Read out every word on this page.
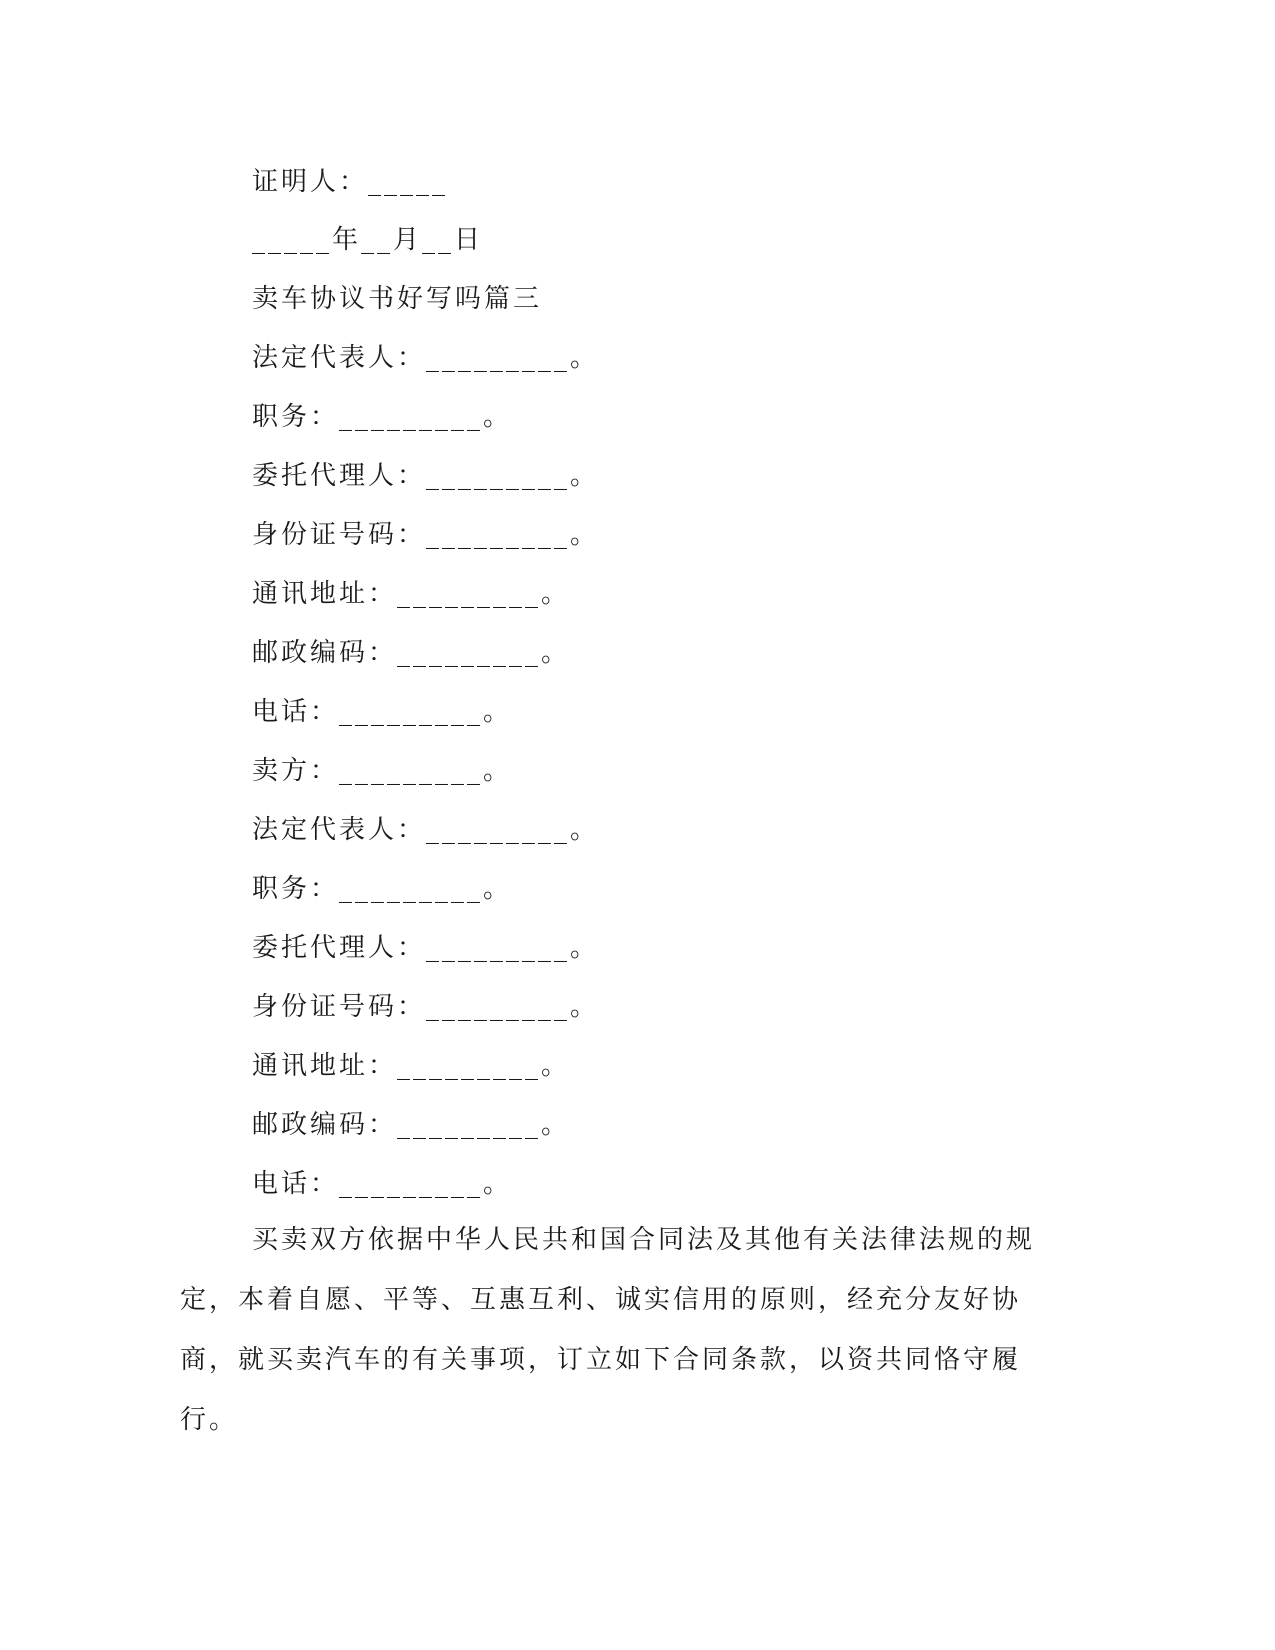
证明人：_____
_____年__月__日
卖车协议书好写吗篇三
法定代表人：_________。
职务：_________。
委托代理人：_________。
身份证号码：_________。
通讯地址：_________。
邮政编码：_________。
电话：_________。
卖方：_________。
法定代表人：_________。
职务：_________。
委托代理人：_________。
身份证号码：_________。
通讯地址：_________。
邮政编码：_________。
电话：_________。
买卖双方依据中华人民共和国合同法及其他有关法律法规的规定，本着自愿、平等、互惠互利、诚实信用的原则，经充分友好协商，就买卖汽车的有关事项，订立如下合同条款，以资共同恪守履行。
